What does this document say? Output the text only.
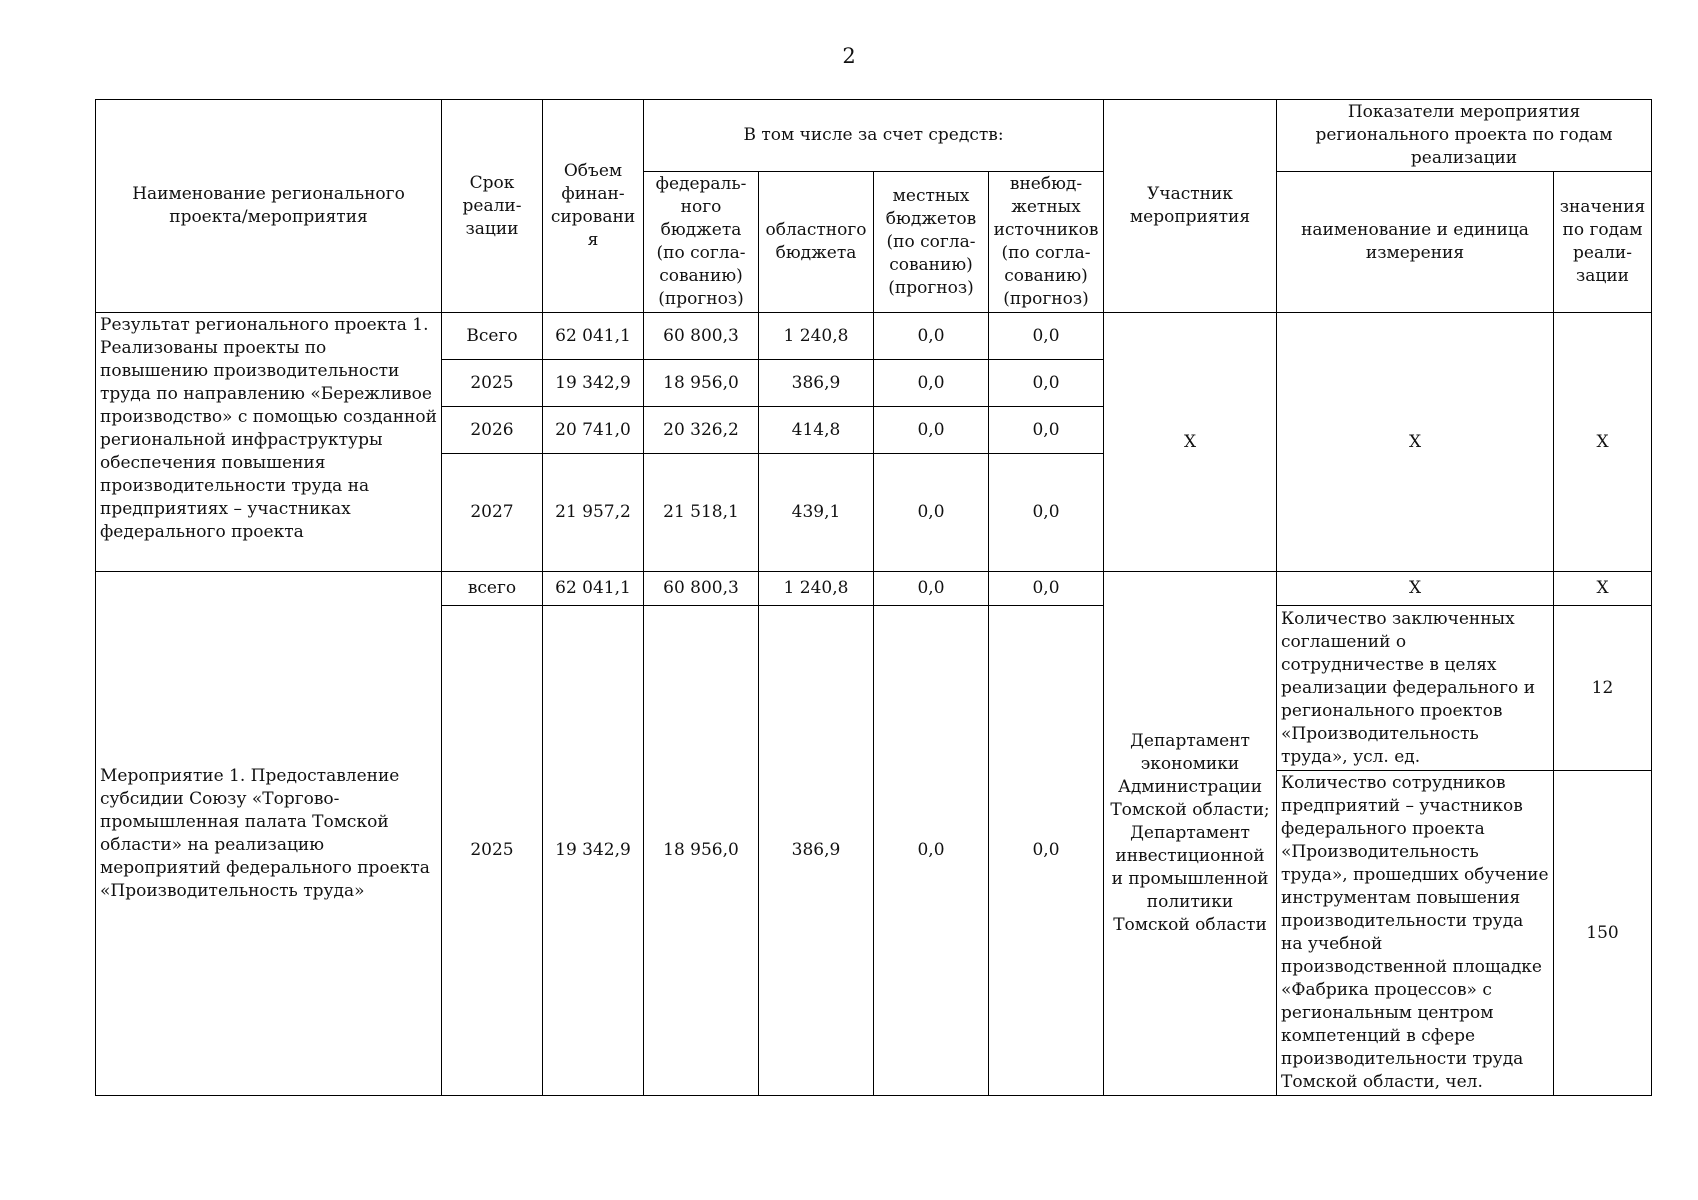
2
Наименование регионального проекта/мероприятия	Срок реали-зации	Объем финан-сирования	В том числе за счет средств:				Участник мероприятия	Показатели мероприятия регионального проекта по годам реализации	
			федераль-ного бюджета (по согла-сованию) (прогноз)	областного бюджета	местных бюджетов (по согла-сованию) (прогноз)	внебюд-жетных источников (по согла-сованию) (прогноз)		наименование и единица измерения	значения по годам реали-зации
Результат регионального проекта 1. Реализованы проекты по повышению производительности труда по направлению «Бережливое производство» с помощью созданной региональной инфраструктуры обеспечения повышения производительности труда на предприятиях – участниках федерального проекта	Всего	62 041,1	60 800,3	1 240,8	0,0	0,0	X	X	X
	2025	19 342,9	18 956,0	386,9	0,0	0,0			
	2026	20 741,0	20 326,2	414,8	0,0	0,0			
	2027	21 957,2	21 518,1	439,1	0,0	0,0			
Мероприятие 1. Предоставление субсидии Союзу «Торгово-промышленная палата Томской области» на реализацию мероприятий федерального проекта «Производительность труда»	всего	62 041,1	60 800,3	1 240,8	0,0	0,0	Департамент экономики Администрации Томской области; Департамент инвестиционной и промышленной политики Томской области	X	X
	2025	19 342,9	18 956,0	386,9	0,0	0,0		Количество заключенных соглашений о сотрудничестве в целях реализации федерального и регионального проектов «Производительность труда», усл. ед.	12
								Количество сотрудников предприятий – участников федерального проекта «Производительность труда», прошедших обучение инструментам повышения производительности труда на учебной производственной площадке «Фабрика процессов» с региональным центром компетенций в сфере производительности труда Томской области, чел.	150
